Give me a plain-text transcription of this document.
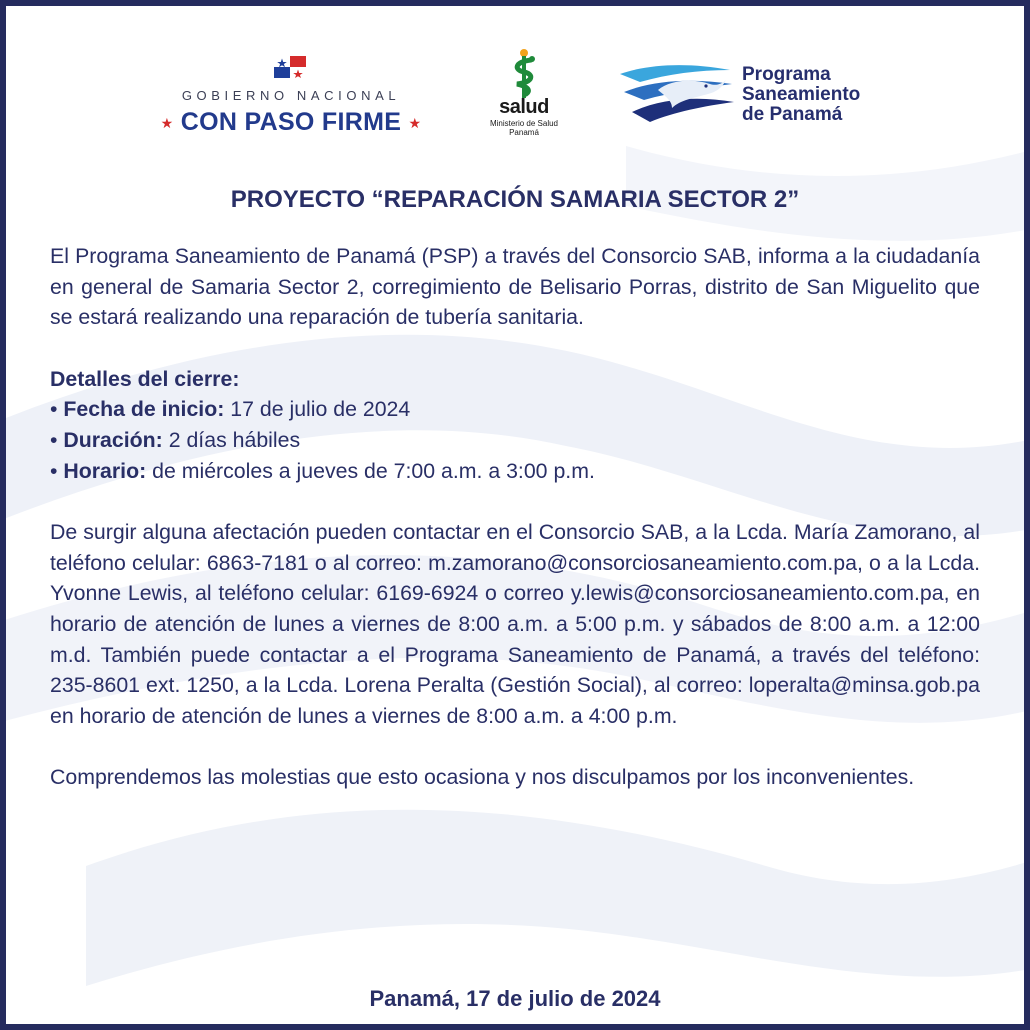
GOBIERNO NACIONAL
★ CON PASO FIRME ★
salud
Ministerio de Salud
Panamá
Programa
Saneamiento
de Panamá
PROYECTO “REPARACIÓN SAMARIA SECTOR 2”

El Programa Saneamiento de Panamá (PSP) a través del Consorcio SAB, informa a la ciudadanía en general de Samaria Sector 2, corregimiento de Belisario Porras, distrito de San Miguelito que se estará realizando una reparación de tubería sanitaria.

Detalles del cierre:
• Fecha de inicio: 17 de julio de 2024
• Duración: 2 días hábiles
• Horario: de miércoles a jueves de 7:00 a.m. a 3:00 p.m.

De surgir alguna afectación pueden contactar en el Consorcio SAB, a la Lcda. María Zamorano, al teléfono celular: 6863-7181 o al correo: m.zamorano@consorciosaneamiento.com.pa, o a la Lcda. Yvonne Lewis, al teléfono celular: 6169-6924 o correo y.lewis@consorciosaneamiento.com.pa, en horario de atención de lunes a viernes de 8:00 a.m. a 5:00 p.m. y sábados de 8:00 a.m. a 12:00 m.d. También puede contactar a el Programa Saneamiento de Panamá, a través del teléfono: 235-8601 ext. 1250, a la Lcda. Lorena Peralta (Gestión Social), al correo: loperalta@minsa.gob.pa en horario de atención de lunes a viernes de 8:00 a.m. a 4:00 p.m.

Comprendemos las molestias que esto ocasiona y nos disculpamos por los inconvenientes.

Panamá, 17 de julio de 2024
